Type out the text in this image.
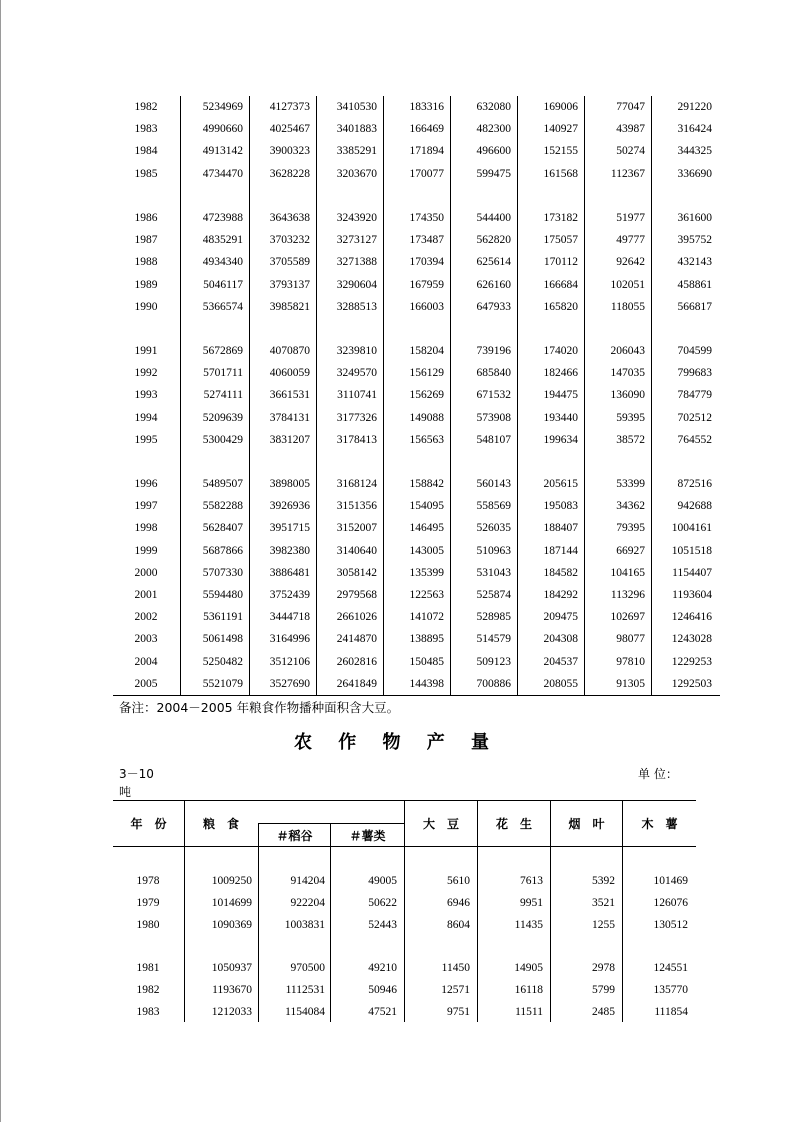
1982	5234969	4127373	3410530	183316	632080	169006	77047	291220
1983	4990660	4025467	3401883	166469	482300	140927	43987	316424
1984	4913142	3900323	3385291	171894	496600	152155	50274	344325
1985	4734470	3628228	3203670	170077	599475	161568	112367	336690
1986	4723988	3643638	3243920	174350	544400	173182	51977	361600
1987	4835291	3703232	3273127	173487	562820	175057	49777	395752
1988	4934340	3705589	3271388	170394	625614	170112	92642	432143
1989	5046117	3793137	3290604	167959	626160	166684	102051	458861
1990	5366574	3985821	3288513	166003	647933	165820	118055	566817
1991	5672869	4070870	3239810	158204	739196	174020	206043	704599
1992	5701711	4060059	3249570	156129	685840	182466	147035	799683
1993	5274111	3661531	3110741	156269	671532	194475	136090	784779
1994	5209639	3784131	3177326	149088	573908	193440	59395	702512
1995	5300429	3831207	3178413	156563	548107	199634	38572	764552
1996	5489507	3898005	3168124	158842	560143	205615	53399	872516
1997	5582288	3926936	3151356	154095	558569	195083	34362	942688
1998	5628407	3951715	3152007	146495	526035	188407	79395	1004161
1999	5687866	3982380	3140640	143005	510963	187144	66927	1051518
2000	5707330	3886481	3058142	135399	531043	184582	104165	1154407
2001	5594480	3752439	2979568	122563	525874	184292	113296	1193604
2002	5361191	3444718	2661026	141072	528985	209475	102697	1246416
2003	5061498	3164996	2414870	138895	514579	204308	98077	1243028
2004	5250482	3512106	2602816	150485	509123	204537	97810	1229253
2005	5521079	3527690	2641849	144398	700886	208055	91305	1292503
备注：2004－2005 年粮食作物播种面积含大豆。
农 作 物 产 量
3－10	单 位：
吨
年　份	粮　食
＃稻谷	＃薯类
大　豆	花　生	烟　叶	木　薯
1978	1009250	914204	49005	5610	7613	5392	101469
1979	1014699	922204	50622	6946	9951	3521	126076
1980	1090369	1003831	52443	8604	11435	1255	130512
1981	1050937	970500	49210	11450	14905	2978	124551
1982	1193670	1112531	50946	12571	16118	5799	135770
1983	1212033	1154084	47521	9751	11511	2485	111854
